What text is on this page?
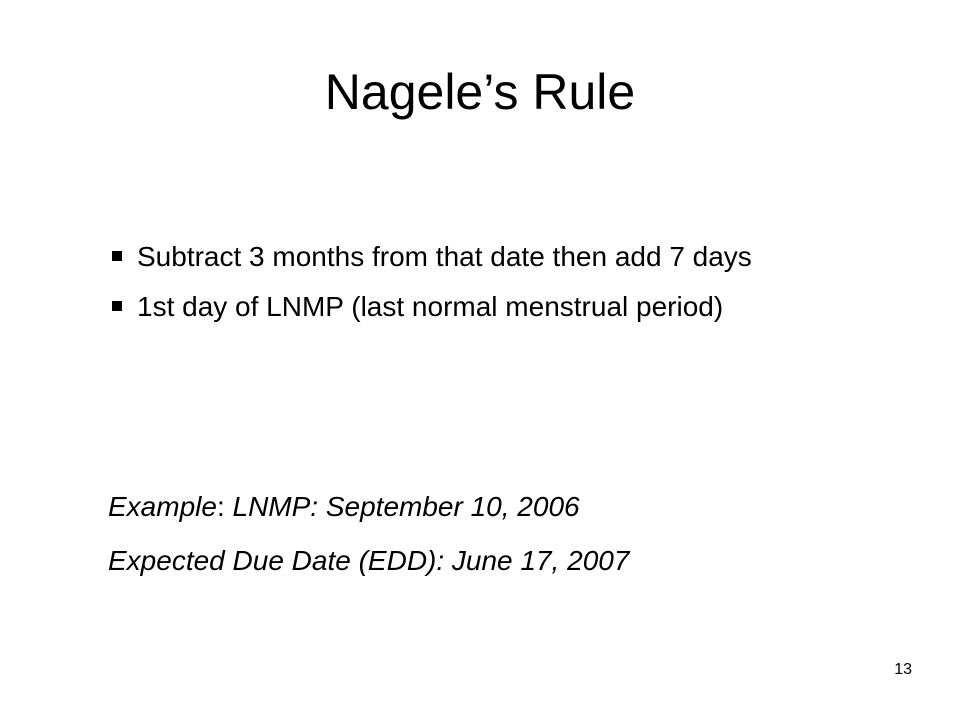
Nagele’s Rule
Subtract 3 months from that date then add 7 days
1st day of LNMP (last normal menstrual period)

Example: LNMP: September 10, 2006

Expected Due Date (EDD): June 17, 2007

13
